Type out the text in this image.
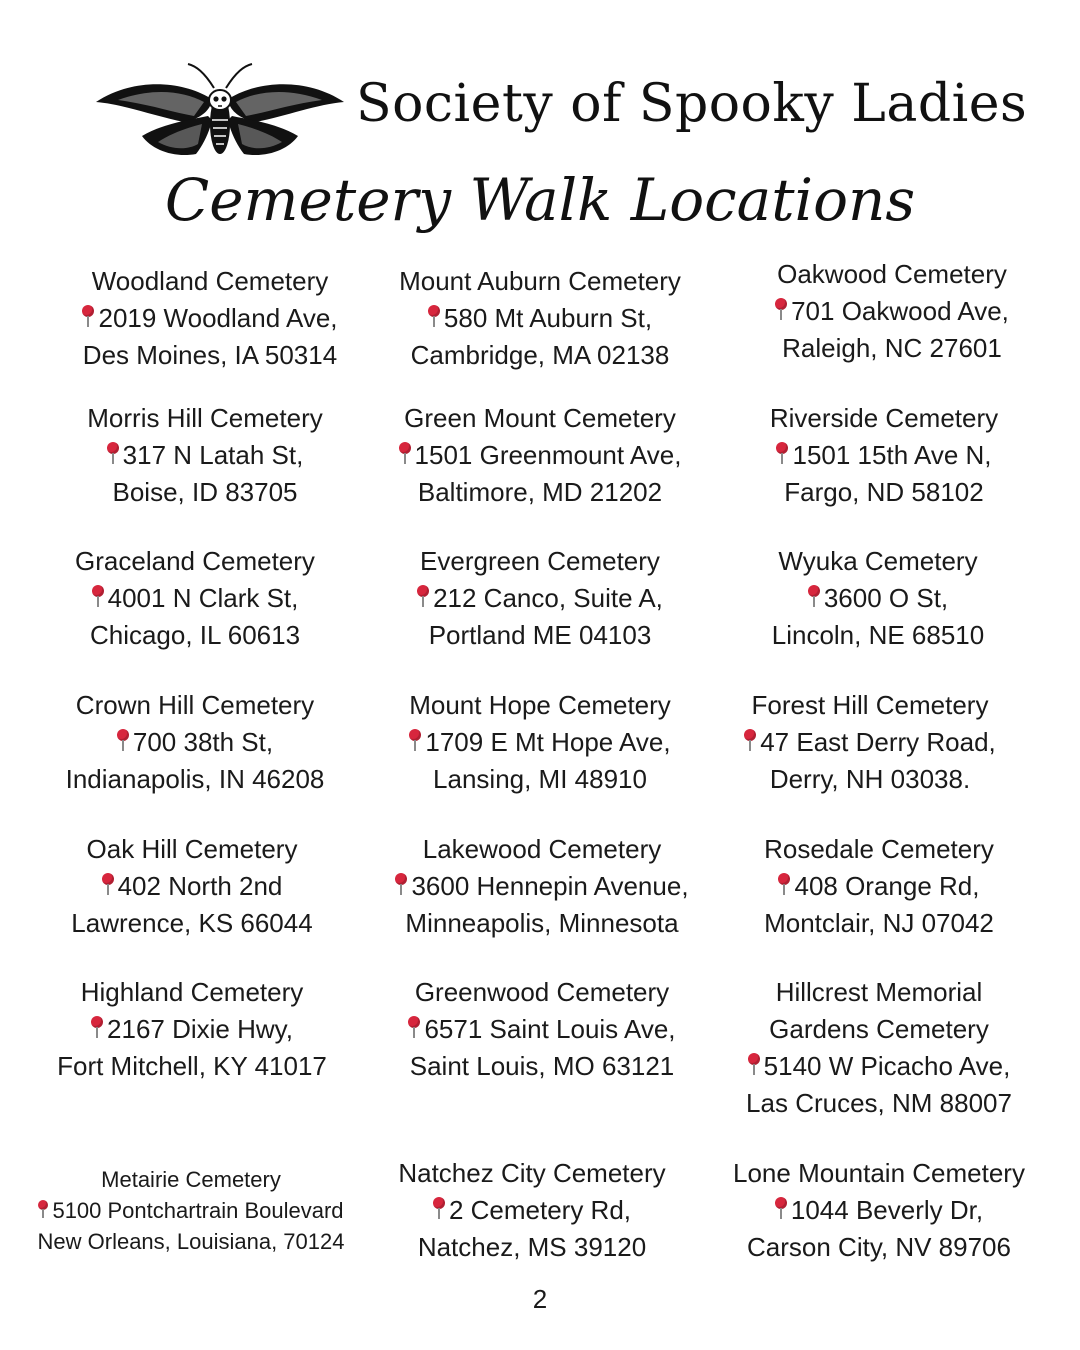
Society of Spooky Ladies
Cemetery Walk Locations
Woodland Cemetery
2019 Woodland Ave,
Des Moines, IA 50314
Mount Auburn Cemetery
580 Mt Auburn St,
Cambridge, MA 02138
Oakwood Cemetery
701 Oakwood Ave,
Raleigh, NC 27601
Morris Hill Cemetery
317 N Latah St,
Boise, ID 83705
Green Mount Cemetery
1501 Greenmount Ave,
Baltimore, MD 21202
Riverside Cemetery
1501 15th Ave N,
Fargo, ND 58102
Graceland Cemetery
4001 N Clark St,
Chicago, IL 60613
Evergreen Cemetery
212 Canco, Suite A,
Portland ME 04103
Wyuka Cemetery
3600 O St,
Lincoln, NE 68510
Crown Hill Cemetery
700 38th St,
Indianapolis, IN 46208
Mount Hope Cemetery
1709 E Mt Hope Ave,
Lansing, MI 48910
Forest Hill Cemetery
47 East Derry Road,
Derry, NH 03038.
Oak Hill Cemetery
402 North 2nd
Lawrence, KS 66044
Lakewood Cemetery
3600 Hennepin Avenue,
Minneapolis, Minnesota
Rosedale Cemetery
408 Orange Rd,
Montclair, NJ 07042
Highland Cemetery
2167 Dixie Hwy,
Fort Mitchell, KY 41017
Greenwood Cemetery
6571 Saint Louis Ave,
Saint Louis, MO 63121
Hillcrest Memorial
Gardens Cemetery
5140 W Picacho Ave,
Las Cruces, NM 88007
Metairie Cemetery
5100 Pontchartrain Boulevard
New Orleans, Louisiana, 70124
Natchez City Cemetery
2 Cemetery Rd,
Natchez, MS 39120
Lone Mountain Cemetery
1044 Beverly Dr,
Carson City, NV 89706
2
